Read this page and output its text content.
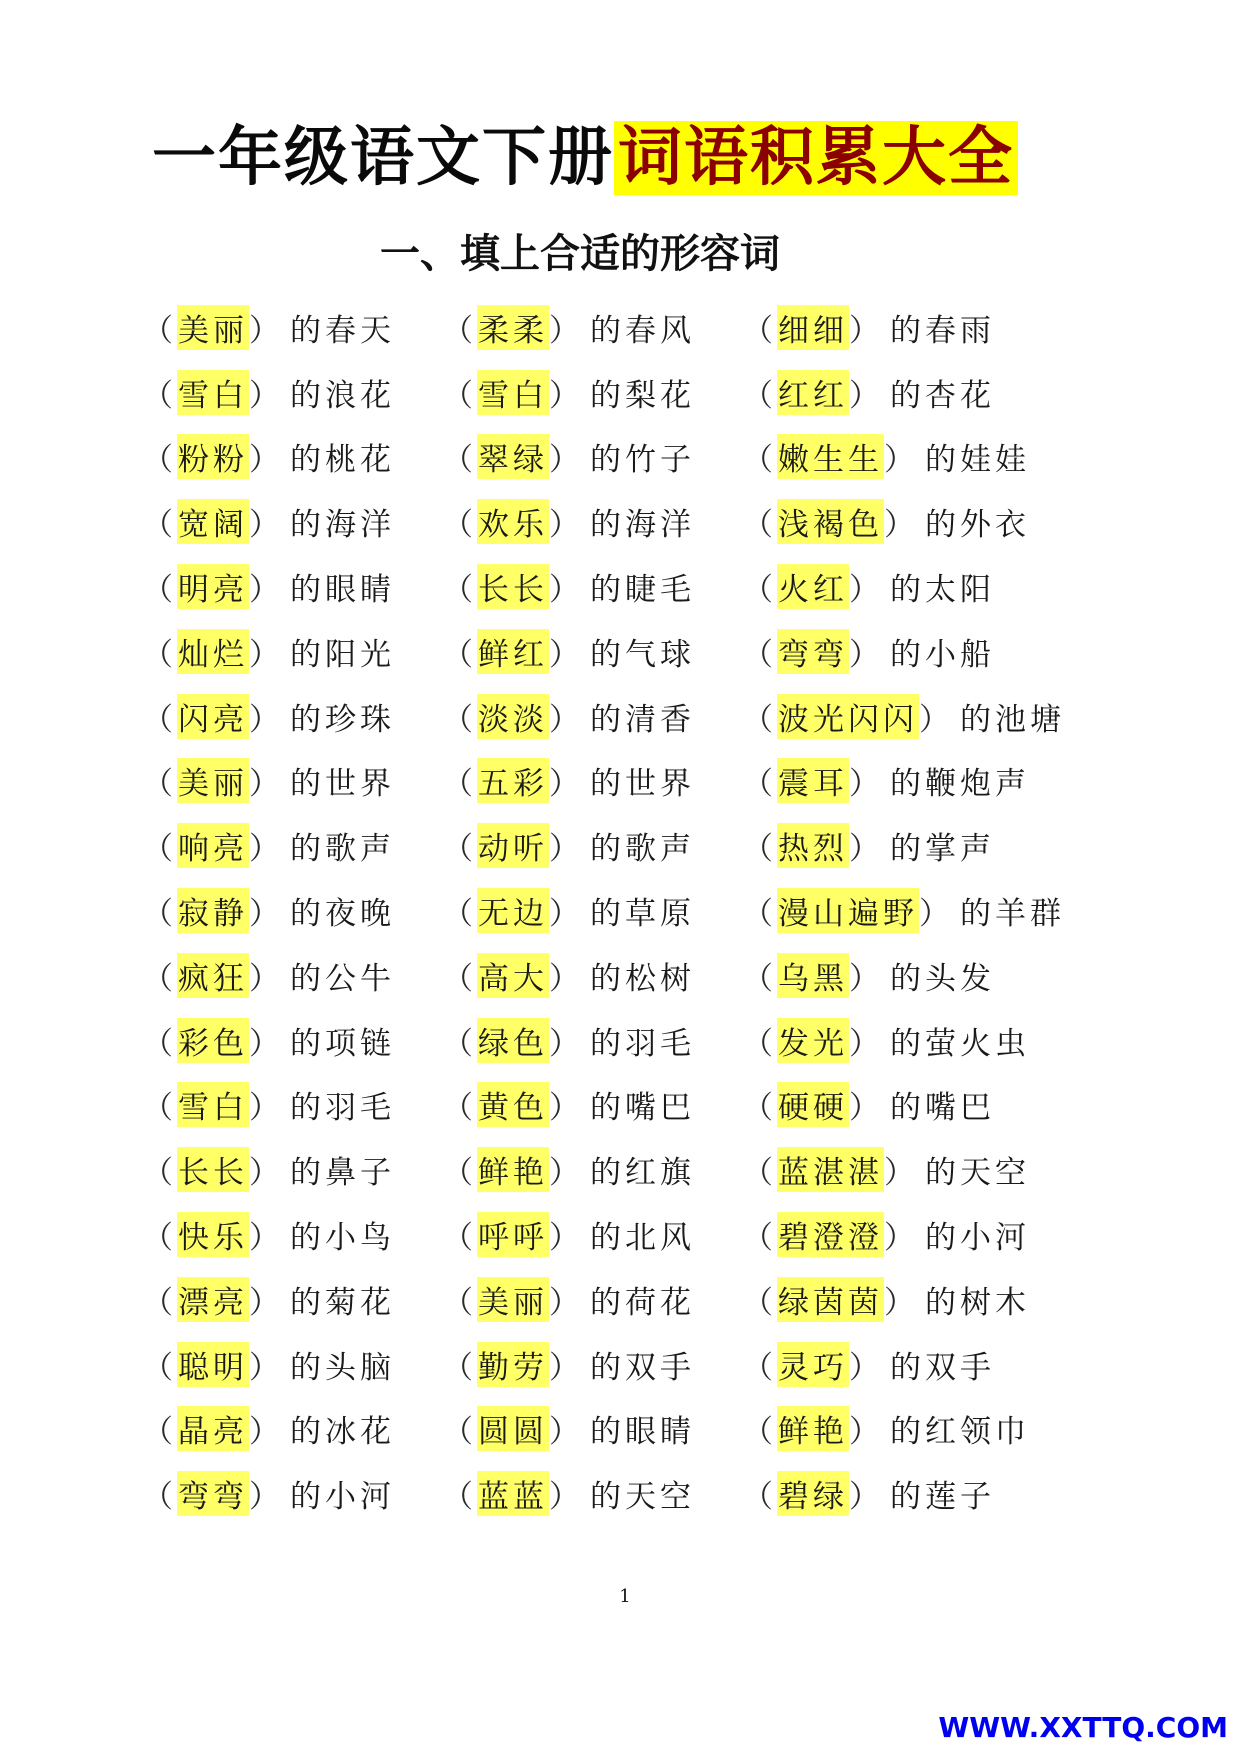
一年级语文下册词语积累大全
一、填上合适的形容词
（ 美丽 ） 的春天 （ 柔柔 ） 的春风 （ 细细 ） 的春雨
（ 雪白 ） 的浪花 （ 雪白 ） 的梨花 （ 红红 ） 的杏花
（ 粉粉 ） 的桃花 （ 翠绿 ） 的竹子 （ 嫩生生 ） 的娃娃
（ 宽阔 ） 的海洋 （ 欢乐 ） 的海洋 （ 浅褐色 ） 的外衣
（ 明亮 ） 的眼睛 （ 长长 ） 的睫毛 （ 火红 ） 的太阳
（ 灿烂 ） 的阳光 （ 鲜红 ） 的气球 （ 弯弯 ） 的小船
（ 闪亮 ） 的珍珠 （ 淡淡 ） 的清香 （ 波光闪闪 ） 的池塘
（ 美丽 ） 的世界 （ 五彩 ） 的世界 （ 震耳 ） 的鞭炮声
（ 响亮 ） 的歌声 （ 动听 ） 的歌声 （ 热烈 ） 的掌声
（ 寂静 ） 的夜晚 （ 无边 ） 的草原 （ 漫山遍野 ） 的羊群
（ 疯狂 ） 的公牛 （ 高大 ） 的松树 （ 乌黑 ） 的头发
（ 彩色 ） 的项链 （ 绿色 ） 的羽毛 （ 发光 ） 的萤火虫
（ 雪白 ） 的羽毛 （ 黄色 ） 的嘴巴 （ 硬硬 ） 的嘴巴
（ 长长 ） 的鼻子 （ 鲜艳 ） 的红旗 （ 蓝湛湛 ） 的天空
（ 快乐 ） 的小鸟 （ 呼呼 ） 的北风 （ 碧澄澄 ） 的小河
（ 漂亮 ） 的菊花 （ 美丽 ） 的荷花 （ 绿茵茵 ） 的树木
（ 聪明 ） 的头脑 （ 勤劳 ） 的双手 （ 灵巧 ） 的双手
（ 晶亮 ） 的冰花 （ 圆圆 ） 的眼睛 （ 鲜艳 ） 的红领巾
（ 弯弯 ） 的小河 （ 蓝蓝 ） 的天空 （ 碧绿 ） 的莲子
1
WWW.XXTTQ.COM
